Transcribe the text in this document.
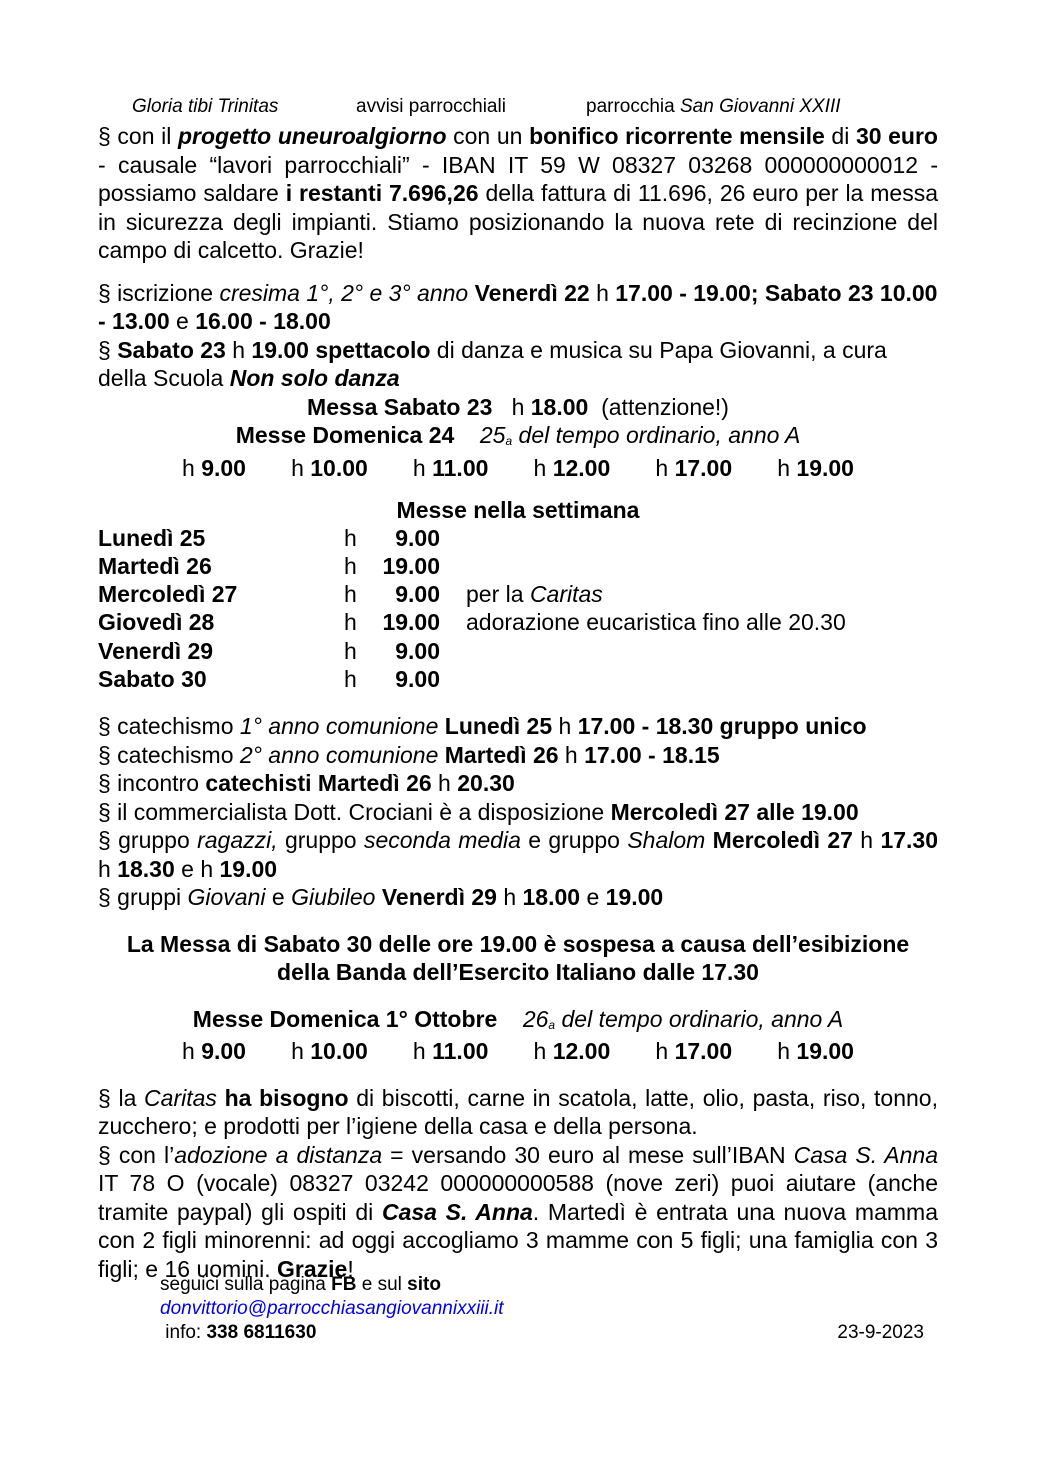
Gloria tibi Trinitas	avvisi parrocchiali	parrocchia San Giovanni XXIII

§ con il progetto uneuroalgiorno con un bonifico ricorrente mensile di 30 euro - causale “lavori parrocchiali” - IBAN IT 59 W 08327 03268 000000000012 - possiamo saldare i restanti 7.696,26 della fattura di 11.696, 26 euro per la messa in sicurezza degli impianti. Stiamo posizionando la nuova rete di recinzione del campo di calcetto. Grazie!

§ iscrizione cresima 1°, 2° e 3° anno Venerdì 22 h 17.00 - 19.00; Sabato 23 10.00 - 13.00 e 16.00 - 18.00

§ Sabato 23 h 19.00 spettacolo di danza e musica su Papa Giovanni, a cura della Scuola Non solo danza

Messa Sabato 23   h 18.00  (attenzione!)

Messe Domenica 24 $25_a$ del tempo ordinario, anno A

h 9.00 h 10.00 h 11.00 h 12.00 h 17.00 h 19.00

Messe nella settimana

Lunedì 25	h	9.00	
Martedì 26	h	19.00	
Mercoledì 27	h	9.00	per la Caritas
Giovedì 28	h	19.00	adorazione eucaristica fino alle 20.30
Venerdì 29	h	9.00	
Sabato 30	h	9.00	

§ catechismo 1° anno comunione Lunedì 25 h 17.00 - 18.30 gruppo unico

§ catechismo 2° anno comunione Martedì 26 h 17.00 - 18.15

§ incontro catechisti Martedì 26 h 20.30

§ il commercialista Dott. Crociani è a disposizione Mercoledì 27 alle 19.00

§ gruppo ragazzi, gruppo seconda media e gruppo Shalom Mercoledì 27 h 17.30 h 18.30 e h 19.00

§ gruppi Giovani e Giubileo Venerdì 29 h 18.00 e 19.00

La Messa di Sabato 30 delle ore 19.00 è sospesa a causa dell’esibizione
della Banda dell’Esercito Italiano dalle 17.30

Messe Domenica 1° Ottobre $26_a$ del tempo ordinario, anno A

h 9.00 h 10.00 h 11.00 h 12.00 h 17.00 h 19.00

§ la Caritas ha bisogno di biscotti, carne in scatola, latte, olio, pasta, riso, tonno, zucchero; e prodotti per l’igiene della casa e della persona.

§ con l’adozione a distanza = versando 30 euro al mese sull’IBAN Casa S. Anna IT 78 O (vocale) 08327 03242 000000000588 (nove zeri) puoi aiutare (anche tramite paypal) gli ospiti di Casa S. Anna. Martedì è entrata una nuova mamma con 2 figli minorenni: ad oggi accogliamo 3 mamme con 5 figli; una famiglia con 3 figli; e 16 uomini. Grazie!

seguici sulla pagina FB e sul sito
donvittorio@parrocchiasangiovannixxiii.it
info: 338 6811630	23-9-2023
